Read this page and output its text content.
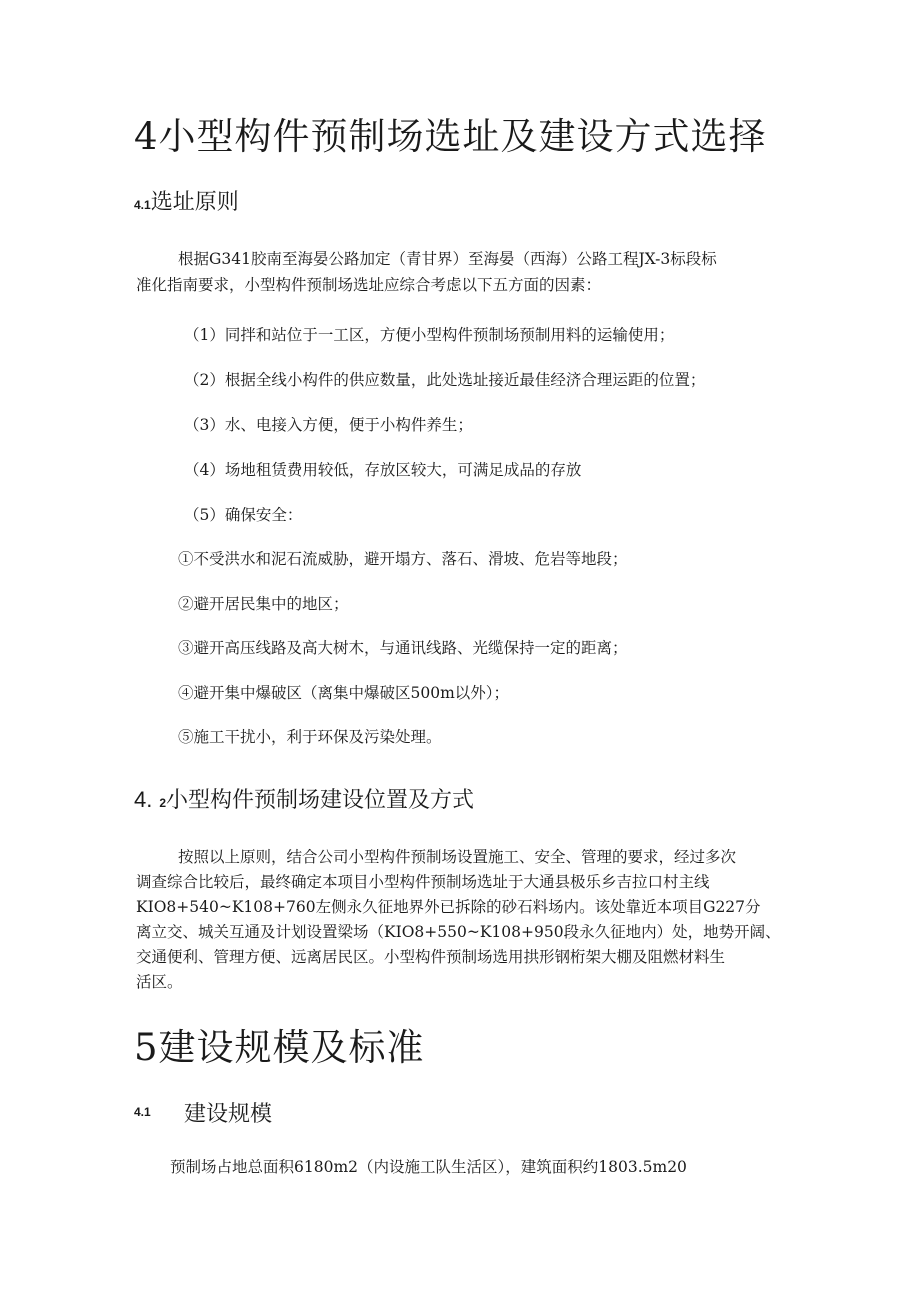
4小型构件预制场选址及建设方式选择
4.1选址原则
根据G341胶南至海晏公路加定（青甘界）至海晏（西海）公路工程JX-3标段标
准化指南要求，小型构件预制场选址应综合考虑以下五方面的因素：
（1）同拌和站位于一工区，方便小型构件预制场预制用料的运输使用；
（2）根据全线小构件的供应数量，此处选址接近最佳经济合理运距的位置；
（3）水、电接入方便，便于小构件养生；
（4）场地租赁费用较低，存放区较大，可满足成品的存放
（5）确保安全：
①不受洪水和泥石流威胁，避开塌方、落石、滑坡、危岩等地段；
②避开居民集中的地区；
③避开高压线路及高大树木，与通讯线路、光缆保持一定的距离；
④避开集中爆破区（离集中爆破区500m以外）；
⑤施工干扰小，利于环保及污染处理。
4. 2小型构件预制场建设位置及方式
按照以上原则，结合公司小型构件预制场设置施工、安全、管理的要求，经过多次
调查综合比较后，最终确定本项目小型构件预制场选址于大通县极乐乡吉拉口村主线
KIO8+540~K108+760左侧永久征地界外已拆除的砂石料场内。该处靠近本项目G227分
离立交、城关互通及计划设置梁场（KIO8+550~K108+950段永久征地内）处，地势开阔、
交通便利、管理方便、远离居民区。小型构件预制场选用拱形钢桁架大棚及阻燃材料生
活区。
5建设规模及标准
4.1 建设规模
预制场占地总面积6180m2（内设施工队生活区），建筑面积约1803.5m20
